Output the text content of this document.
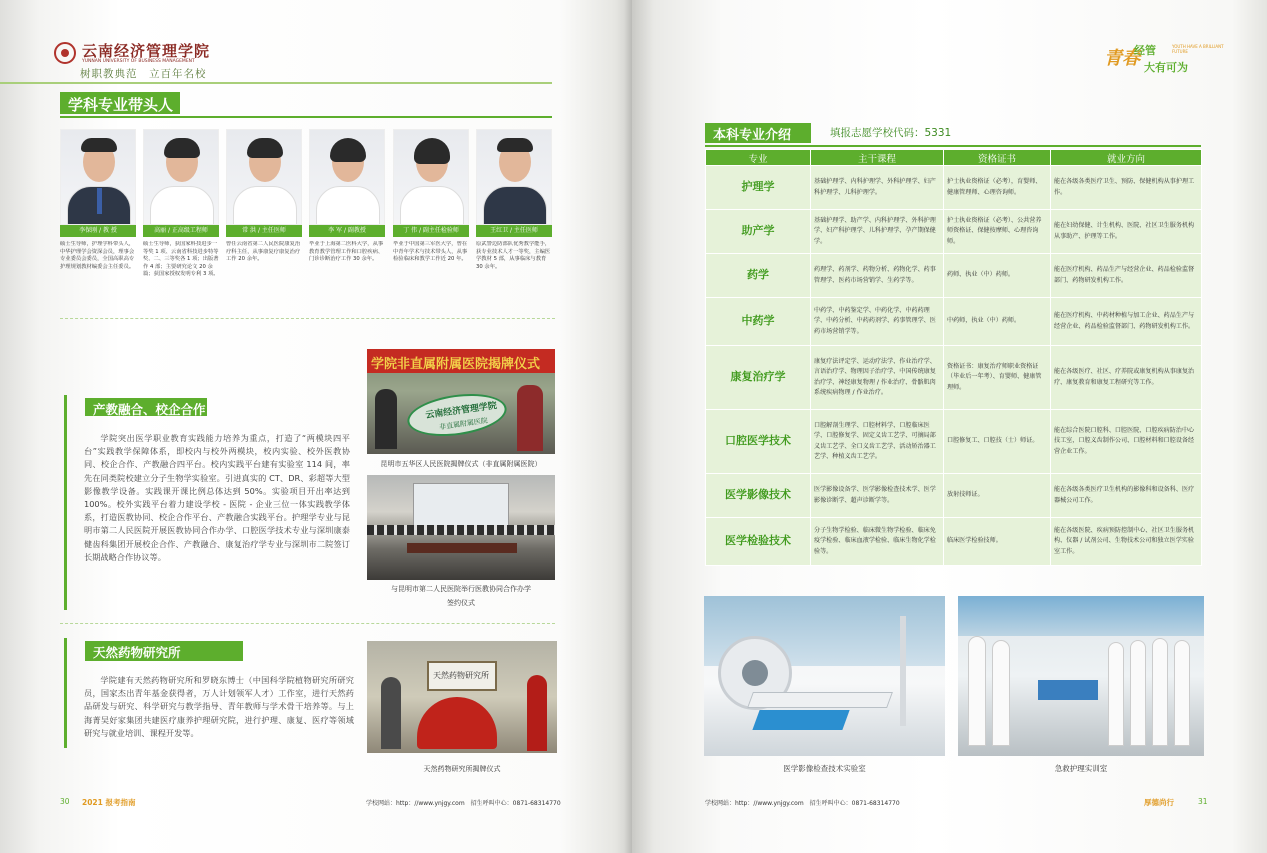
云南经济管理学院
YUNNAN UNIVERSITY OF BUSINESS MANAGEMENT
树职教典范　立百年名校
学科专业带头人
李保刚 / 教 授
硕士生导师，护理学科带头人，中华护理学会资深会员，理事会专业委员会委员，全国高职高专护理规划教材编委会主任委员。
高丽 / 正高级工程师
硕士生导师，获国家科技进步一等奖 1 项、云南省科技进步特等奖、二、三等奖各 1 项；出版著作 4 部；主要研究论文 20 余篇；获国家授权发明专利 3 项。
常 洪 / 主任医师
曾任云南省第二人民医院康复治疗科主任，从事康复疗康复治疗工作 20 余年。
李 军 / 副教授
毕业于上海第二医科大学，从事教育教学管理工作和口腔疾病、门诊诊断治疗工作 30 余年。
丁 伟 / 副主任检验师
毕业于中国第三军医大学，曾在中青年学术与技术带头人，从事检验临床和教学工作近 20 年。
王红卫 / 主任医师
原武警边防部队优秀教学能手，获专业技术人才一等奖，主编医学教材 5 部，从事临床与教育 30 余年。
产教融合、校企合作
学院突出医学职业教育实践能力培养为重点，打造了“两模块四平台”实践教学保障体系，即校内与校外两模块，校内实验、校外医教协同、校企合作、产教融合四平台。校内实践平台建有实验室 114 间，率先在同类院校建立分子生物学实验室。引进真实的 CT、DR、彩超等大型影像教学设备。实践课开课比例总体达到 50%。实验项目开出率达到 100%。校外实践平台着力建设学校 - 医院 - 企业三位一体实践教学体系，打造医教协同、校企合作平台、产教融合实践平台。护理学专业与昆明市第二人民医院开展医教协同合作办学、口腔医学技术专业与深圳康泰健齿科集团开展校企合作、产教融合、康复治疗学专业与深圳市二院签订长期战略合作协议等。
学院非直属附属医院揭牌仪式
云南经济管理学院
非直属附属医院
昆明市五华区人民医院揭牌仪式（非直属附属医院）
与昆明市第二人民医院举行医教协同合作办学
签约仪式
天然药物研究所
学院建有天然药物研究所和罗晓东博士（中国科学院植物研究所研究员，国家杰出青年基金获得者，万人计划领军人才）工作室，进行天然药品研发与研究、科学研究与教学指导、青年教师与学术骨干培养等。与上海菁吴好家集团共建医疗康养护理研究院，进行护理、康复、医疗等领域研究与就业培训、课程开发等。
天然药物研究所
天然药物研究所揭牌仪式
30 2021 报考指南	学校网站：http：//www.ynjgy.com　招生呼叫中心：0871-68314770
青春
经管
大有可为
YOUTH HAVE A BRILLIANT FUTURE
本科专业介绍	填报志愿学校代码：5331
专业	主干课程	资格证书	就业方向
护理学	基础护理学、内科护理学、外科护理学、妇产科护理学、儿科护理学。	护士执业资格证（必考），育婴师、健康管理师、心理咨询师。	能在各级各类医疗卫生、预防、保健机构从事护理工作。
助产学	基础护理学、助产学、内科护理学、外科护理学、妇产科护理学、儿科护理学、孕产期保健学。	护士执业资格证（必考）、公共营养师资格证、保健按摩师、心理咨询师。	能在妇幼保健、计生机构、医院、社区卫生服务机构从事助产、护理等工作。
药学	药理学、药剂学、药物分析、药物化学、药事管理学、医药市场营销学、生药学等。	药师、执业（中）药师。	能在医疗机构、药品生产与经营企业、药品检验监督部门、药物研发机构工作。
中药学	中药学、中药鉴定学、中药化学、中药药理学、中药分析、中药药剂学、药事管理学、医药市场营销学等。	中药师，执业（中）药师。	能在医疗机构、中药材种植与加工企业、药品生产与经营企业、药品检验监督部门、药物研发机构工作。
康复治疗学	康复疗法评定学、运动疗法学、作业治疗学、言语治疗学、物理因子治疗学、中国传统康复治疗学、神经康复物理 / 作业治疗、骨骼肌肉系统疾病物理 / 作业治疗。	资格证书：康复治疗师职业资格证（毕业后一年考）、育婴师、健康管理师。	能在各级医疗、社区、疗养院或康复机构从事康复治疗、康复教育和康复工程研究等工作。
口腔医学技术	口腔解剖生理学、口腔材料学、口腔临床医学、口腔修复学、固定义齿工艺学、可摘局部义齿工艺学、全口义齿工艺学、活动矫治器工艺学、种植义齿工艺学。	口腔修复工、口腔技（士）师证。	能在综合医院口腔科、口腔医院、口腔疾病防治中心技工室，口腔义齿制作公司、口腔材料和口腔设备经营企业工作。
医学影像技术	医学影像设备学、医学影像检查技术学、医学影像诊断学、超声诊断学等。	放射技师证。	能在各级各类医疗卫生机构的影像科和设备科、医疗器械公司工作。
医学检验技术	分子生物学检验、临床微生物学检验、临床免疫学检验、临床血液学检验、临床生物化学检验等。	临床医学检验技师。	能在各级医院、疾病预防控制中心、社区卫生服务机构、仪器 / 试剂公司、生物技术公司和独立医学实验室工作。
医学影像检查技术实验室	急救护理实训室
学校网站：http：//www.ynjgy.com　招生呼叫中心：0871-68314770	厚德尚行	31
